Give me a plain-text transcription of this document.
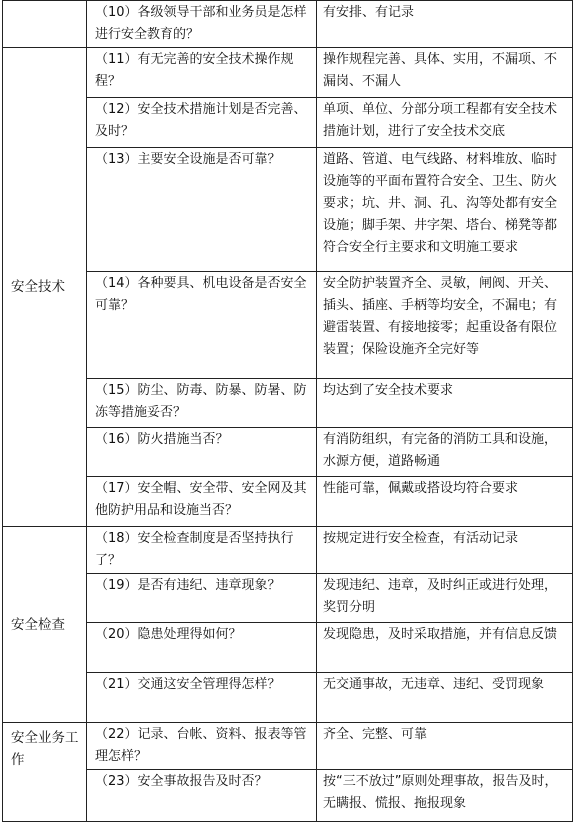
	（10）各级领导干部和业务员是怎样进行安全教育的？	有安排、有记录
安全技术	（11）有无完善的安全技术操作规程？	操作规程完善、具体、实用，不漏项、不漏岗、不漏人
	（12）安全技术措施计划是否完善、及时？	单项、单位、分部分项工程都有安全技术措施计划，进行了安全技术交底
	（13）主要安全设施是否可靠？	道路、管道、电气线路、材料堆放、临时设施等的平面布置符合安全、卫生、防火要求；坑、井、洞、孔、沟等处都有安全设施；脚手架、井字架、塔台、梯凳等都符合安全行主要求和文明施工要求
	（14）各种要具、机电设备是否安全可靠？	安全防护装置齐全、灵敏，闸阀、开关、插头、插座、手柄等均安全，不漏电；有避雷装置、有接地接零；起重设备有限位装置；保险设施齐全完好等
	（15）防尘、防毒、防暴、防暑、防冻等措施妥否？	均达到了安全技术要求
	（16）防火措施当否？	有消防组织，有完备的消防工具和设施，水源方便，道路畅通
	（17）安全帽、安全带、安全网及其他防护用品和设施当否？	性能可靠，佩戴或搭设均符合要求
安全检查	（18）安全检查制度是否坚持执行了？	按规定进行安全检查，有活动记录
	（19）是否有违纪、违章现象？	发现违纪、违章，及时纠正或进行处理，奖罚分明
	（20）隐患处理得如何？	发现隐患，及时采取措施，并有信息反馈
	（21）交通这安全管理得怎样？	无交通事故，无违章、违纪、受罚现象
安全业务工作	（22）记录、台帐、资料、报表等管理怎样？	齐全、完整、可靠
	（23）安全事故报告及时否？	按“三不放过”原则处理事故，报告及时，无瞒报、慌报、拖报现象
